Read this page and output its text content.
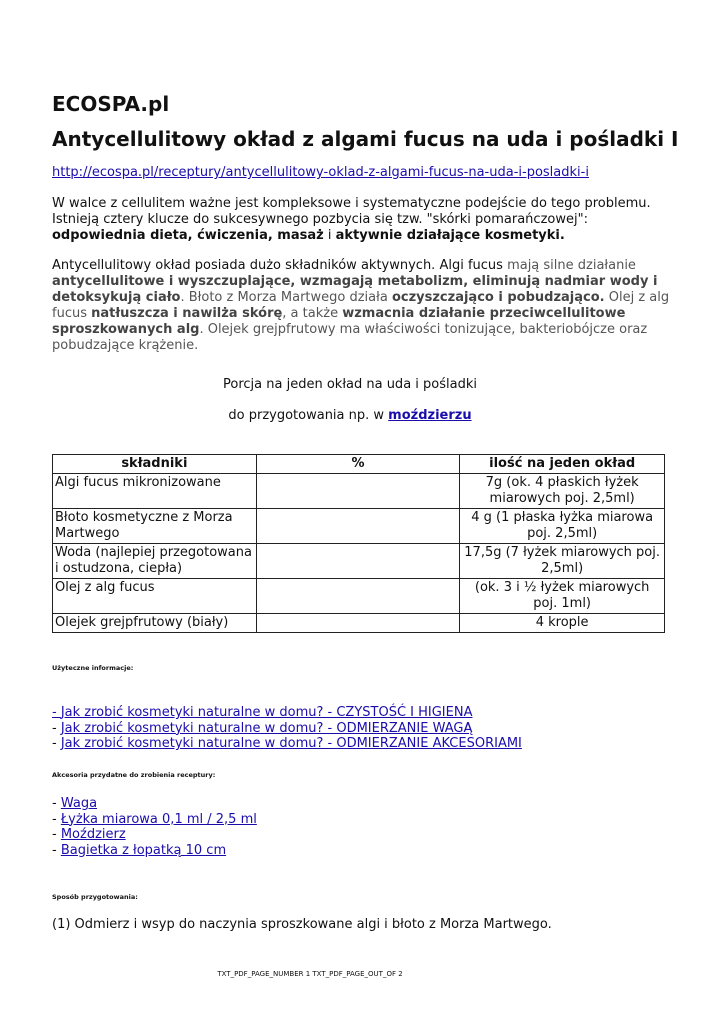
ECOSPA.pl
Antycellulitowy okład z algami fucus na uda i pośladki I
http://ecospa.pl/receptury/antycellulitowy-oklad-z-algami-fucus-na-uda-i-posladki-i

W walce z cellulitem ważne jest kompleksowe i systematyczne podejście do tego problemu. Istnieją cztery klucze do sukcesywnego pozbycia się tzw. "skórki pomarańczowej": odpowiednia dieta, ćwiczenia, masaż i aktywnie działające kosmetyki.

Antycellulitowy okład posiada dużo składników aktywnych. Algi fucus mają silne działanie antycellulitowe i wyszczuplające, wzmagają metabolizm, eliminują nadmiar wody i detoksykują ciało. Błoto z Morza Martwego działa oczyszczająco i pobudzająco. Olej z alg fucus natłuszcza i nawilża skórę, a także wzmacnia działanie przeciwcellulitowe sproszkowanych alg. Olejek grejpfrutowy ma właściwości tonizujące, bakteriobójcze oraz pobudzające krążenie.

Porcja na jeden okład na uda i pośladki
do przygotowania np. w moździerzu
składniki	%	ilość na jeden okład
Algi fucus mikronizowane		7g (ok. 4 płaskich łyżek miarowych poj. 2,5ml)
Błoto kosmetyczne z Morza Martwego		4 g (1 płaska łyżka miarowa poj. 2,5ml)
Woda (najlepiej przegotowana i ostudzona, ciepła)		17,5g (7 łyżek miarowych poj. 2,5ml)
Olej z alg fucus		(ok. 3 i ½ łyżek miarowych poj. 1ml)
Olejek grejpfrutowy (biały)		4 krople
Użyteczne informacje:
- Jak zrobić kosmetyki naturalne w domu? - CZYSTOŚĆ I HIGIENA
- Jak zrobić kosmetyki naturalne w domu? - ODMIERZANIE WAGĄ
- Jak zrobić kosmetyki naturalne w domu? - ODMIERZANIE AKCESORIAMI
Akcesoria przydatne do zrobienia receptury:
- Waga
- Łyżka miarowa 0,1 ml / 2,5 ml
- Moździerz
- Bagietka z łopatką 10 cm
Sposób przygotowania:
(1) Odmierz i wsyp do naczynia sproszkowane algi i błoto z Morza Martwego.
TXT_PDF_PAGE_NUMBER 1 TXT_PDF_PAGE_OUT_OF 2
